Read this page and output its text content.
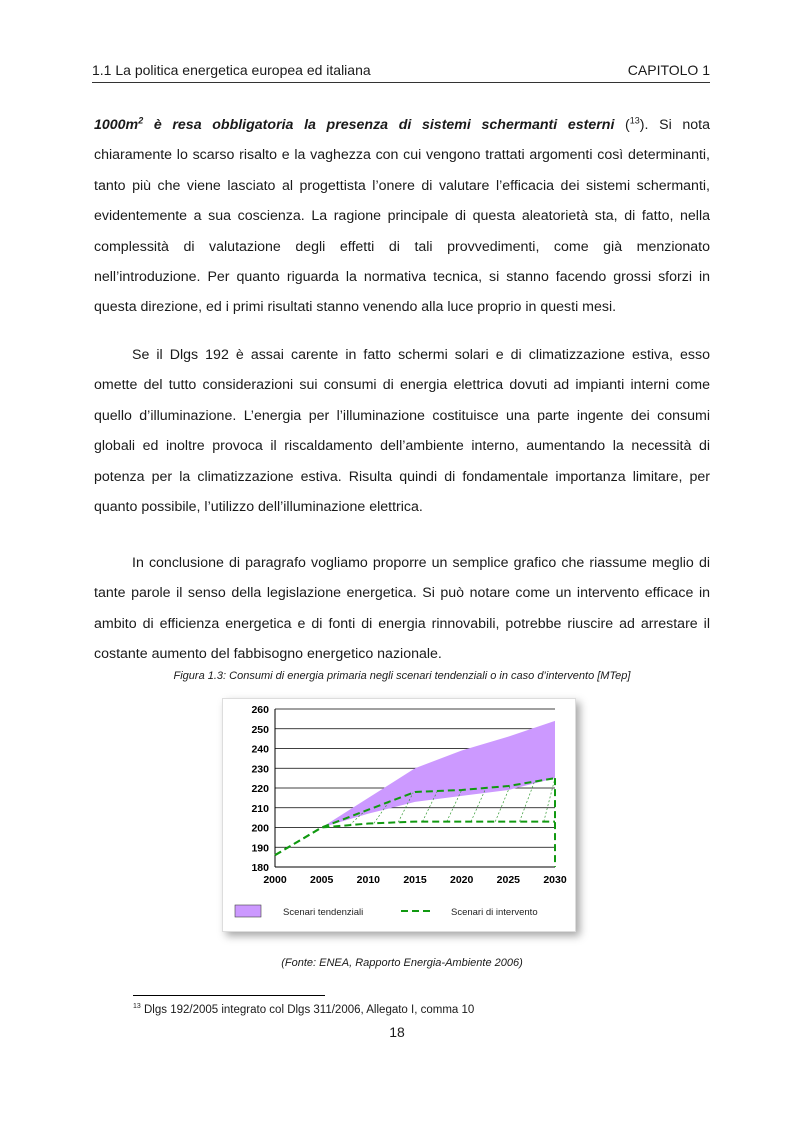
1.1 La politica energetica europea ed italiana	CAPITOLO 1

$1000m^2$ è resa obbligatoria la presenza di sistemi schermanti esterni ($^{13}$). Si nota chiaramente lo scarso risalto e la vaghezza con cui vengono trattati argomenti così determinanti, tanto più che viene lasciato al progettista l’onere di valutare l’efficacia dei sistemi schermanti, evidentemente a sua coscienza. La ragione principale di questa aleatorietà sta, di fatto, nella complessità di valutazione degli effetti di tali provvedimenti, come già menzionato nell’introduzione. Per quanto riguarda la normativa tecnica, si stanno facendo grossi sforzi in questa direzione, ed i primi risultati stanno venendo alla luce proprio in questi mesi.

Se il Dlgs 192 è assai carente in fatto schermi solari e di climatizzazione estiva, esso omette del tutto considerazioni sui consumi di energia elettrica dovuti ad impianti interni come quello d’illuminazione. L’energia per l’illuminazione costituisce una parte ingente dei consumi globali ed inoltre provoca il riscaldamento dell’ambiente interno, aumentando la necessità di potenza per la climatizzazione estiva. Risulta quindi di fondamentale importanza limitare, per quanto possibile, l’utilizzo dell’illuminazione elettrica.

In conclusione di paragrafo vogliamo proporre un semplice grafico che riassume meglio di tante parole il senso della legislazione energetica. Si può notare come un intervento efficace in ambito di efficienza energetica e di fonti di energia rinnovabili, potrebbe riuscire ad arrestare il costante aumento del fabbisogno energetico nazionale.

Figura 1.3: Consumi di energia primaria negli scenari tendenziali o in caso d’intervento [MTep]
180
190
200
210
220
230
240
250
260
2000 2005 2010 2015 2020 2025 2030
Scenari tendenziali	Scenari di intervento
(Fonte: ENEA, Rapporto Energia-Ambiente 2006)
$^{13}$ Dlgs 192/2005 integrato col Dlgs 311/2006, Allegato I, comma 10
18
